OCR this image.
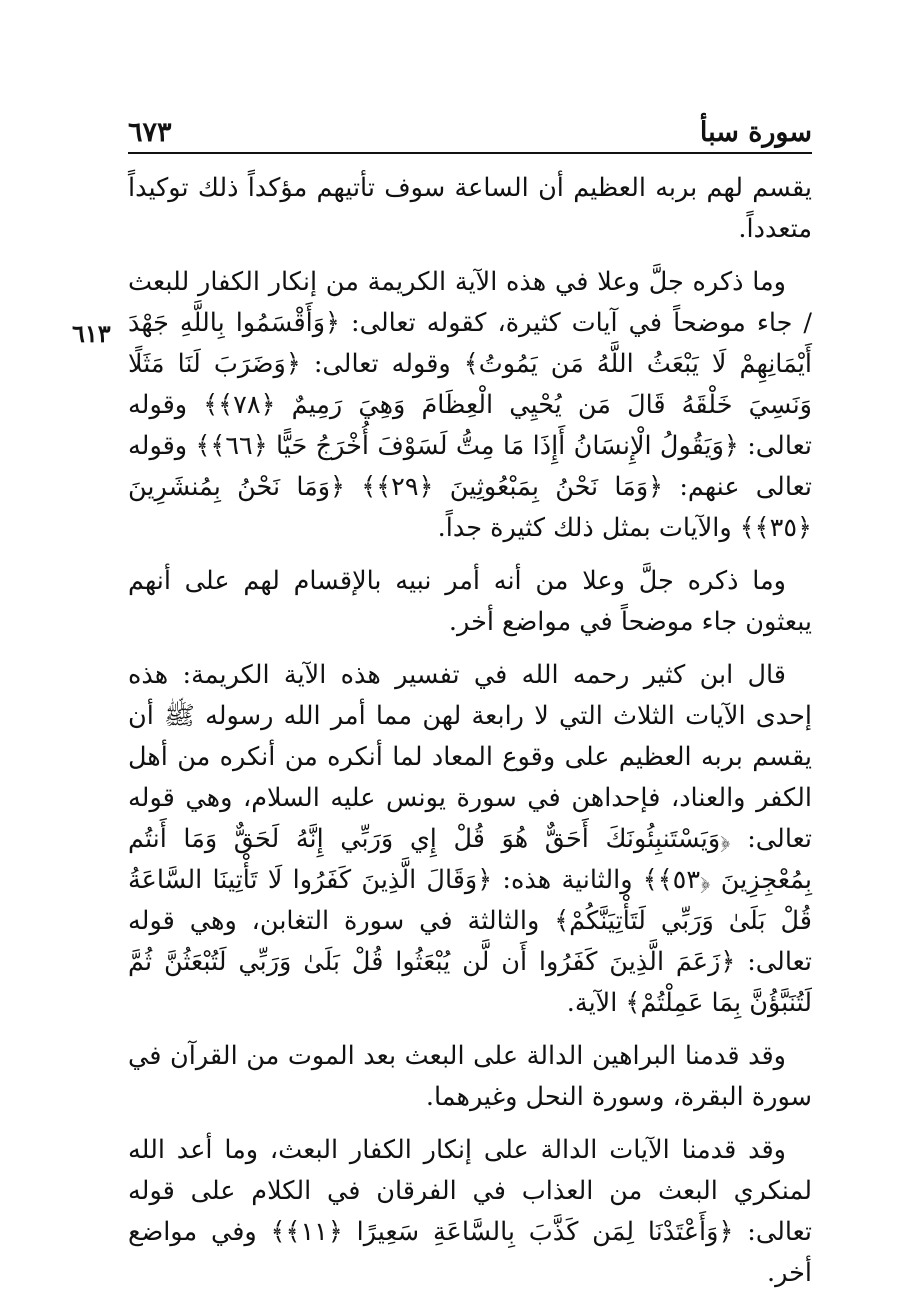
سورة سبأ
٦٧٣

يقسم لهم بربه العظيم أن الساعة سوف تأتيهم مؤكداً ذلك توكيداً متعدداً.

وما ذكره جلَّ وعلا في هذه الآية الكريمة من إنكار الكفار للبعث / جاء موضحاً في آيات كثيرة، كقوله تعالى: ﴿وَأَقْسَمُوا بِاللَّهِ جَهْدَ أَيْمَانِهِمْ لَا يَبْعَثُ اللَّهُ مَن يَمُوتُ﴾ وقوله تعالى: ﴿وَضَرَبَ لَنَا مَثَلًا وَنَسِيَ خَلْقَهُ قَالَ مَن يُحْيِي الْعِظَامَ وَهِيَ رَمِيمٌ ﴿٧٨﴾﴾ وقوله تعالى: ﴿وَيَقُولُ الْإِنسَانُ أَإِذَا مَا مِتُّ لَسَوْفَ أُخْرَجُ حَيًّا ﴿٦٦﴾﴾ وقوله تعالى عنهم: ﴿وَمَا نَحْنُ بِمَبْعُوثِينَ ﴿٢٩﴾﴾ ﴿وَمَا نَحْنُ بِمُنشَرِينَ ﴿٣٥﴾﴾ والآيات بمثل ذلك كثيرة جداً.

وما ذكره جلَّ وعلا من أنه أمر نبيه بالإقسام لهم على أنهم يبعثون جاء موضحاً في مواضع أخر.

قال ابن كثير رحمه الله في تفسير هذه الآية الكريمة: هذه إحدى الآيات الثلاث التي لا رابعة لهن مما أمر الله رسوله ﷺ أن يقسم بربه العظيم على وقوع المعاد لما أنكره من أنكره من أهل الكفر والعناد، فإحداهن في سورة يونس عليه السلام، وهي قوله تعالى: ﴿وَيَسْتَنبِئُونَكَ أَحَقٌّ هُوَ قُلْ إِي وَرَبِّي إِنَّهُ لَحَقٌّ وَمَا أَنتُم بِمُعْجِزِينَ ﴿٥٣﴾﴾ والثانية هذه: ﴿وَقَالَ الَّذِينَ كَفَرُوا لَا تَأْتِينَا السَّاعَةُ قُلْ بَلَىٰ وَرَبِّي لَتَأْتِيَنَّكُمْ﴾ والثالثة في سورة التغابن، وهي قوله تعالى: ﴿زَعَمَ الَّذِينَ كَفَرُوا أَن لَّن يُبْعَثُوا قُلْ بَلَىٰ وَرَبِّي لَتُبْعَثُنَّ ثُمَّ لَتُنَبَّؤُنَّ بِمَا عَمِلْتُمْ﴾ الآية.

وقد قدمنا البراهين الدالة على البعث بعد الموت من القرآن في سورة البقرة، وسورة النحل وغيرهما.

وقد قدمنا الآيات الدالة على إنكار الكفار البعث، وما أعد الله لمنكري البعث من العذاب في الفرقان في الكلام على قوله تعالى: ﴿وَأَعْتَدْنَا لِمَن كَذَّبَ بِالسَّاعَةِ سَعِيرًا ﴿١١﴾﴾ وفي مواضع أخر.

٦١٣
